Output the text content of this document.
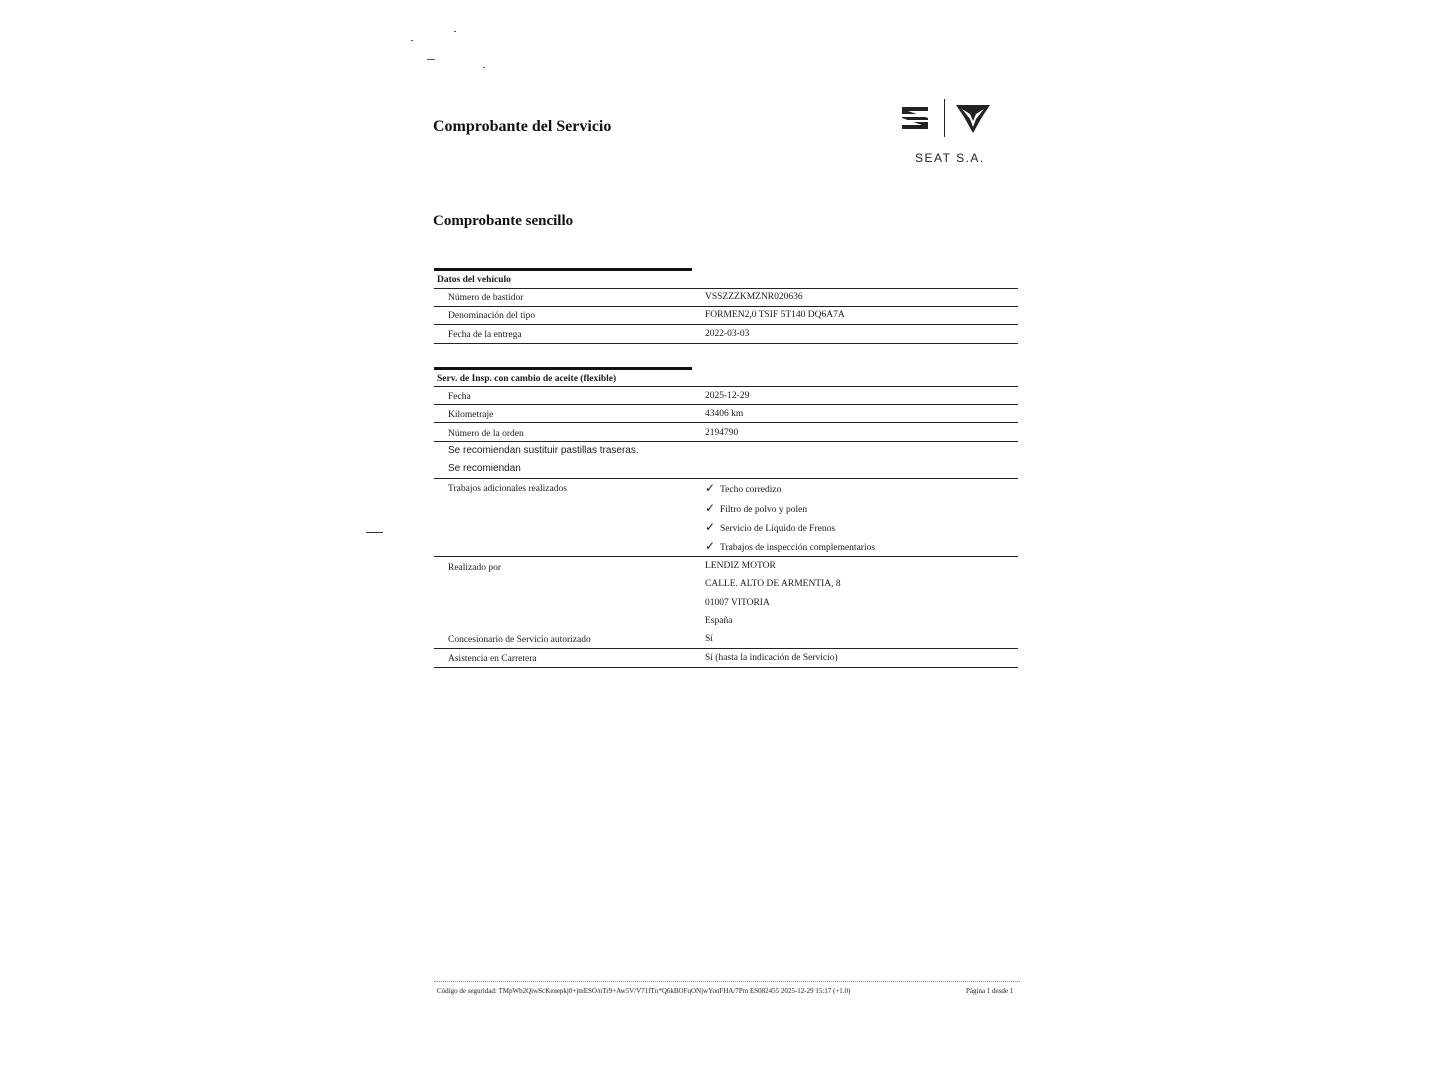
Comprobante del Servicio
SEAT S.A.
Comprobante sencillo
Datos del vehículo
Número de bastidor	VSSZZZKMZNR020636
Denominación del tipo	FORMEN2,0 TSIF 5T140 DQ6A7A
Fecha de la entrega	2022-03-03
Serv. de Insp. con cambio de aceite (flexible)
Fecha	2025-12-29
Kilometraje	43406 km
Número de la orden	2194790
Se recomiendan sustituir pastillas traseras.
Se recomiendan
Trabajos adicionales realizados	✓ Techo corredizo
✓ Filtro de polvo y polen
✓ Servicio de Líquido de Frenos
✓ Trabajos de inspección complementarios
Realizado por	LENDIZ MOTOR
CALLE. ALTO DE ARMENTIA, 8
01007 VITORIA
España
Concesionario de Servicio autorizado	Sí
Asistencia en Carretera	Sí (hasta la indicación de Servicio)
Código de seguridad: TMpWb2QiwScKenepkj0+jmESO/nTr9+Aw5V/V71fTn*Q6kBOFqONjwYonFHA/7Pm ES082455 2025-12-29 15:17 (+1.0)	Página 1 desde 1
